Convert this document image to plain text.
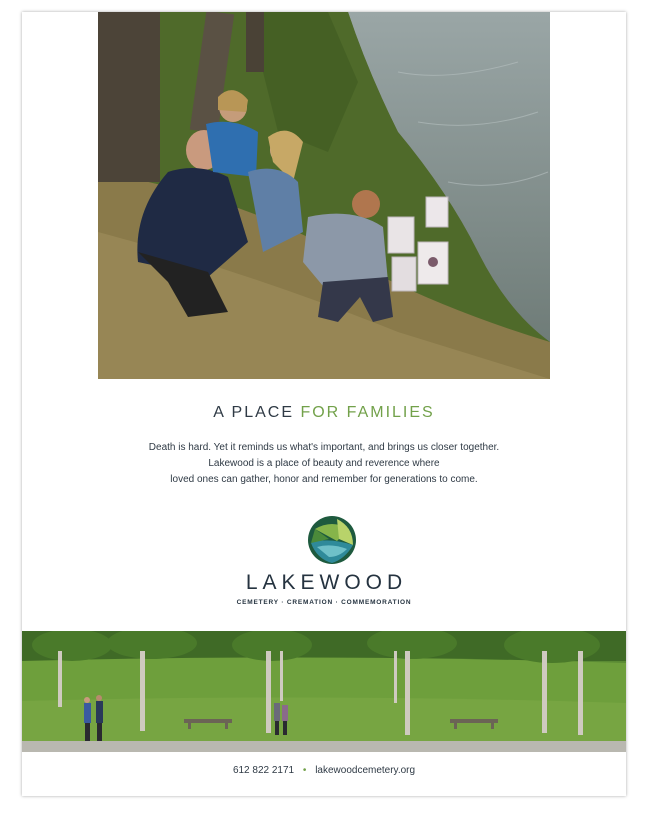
A PLACE FOR FAMILIES
Death is hard. Yet it reminds us what's important, and brings us closer together.
Lakewood is a place of beauty and reverence where
loved ones can gather, honor and remember for generations to come.
LAKEWOOD
CEMETERY · CREMATION · COMMEMORATION
612 822 2171 • lakewoodcemetery.org
